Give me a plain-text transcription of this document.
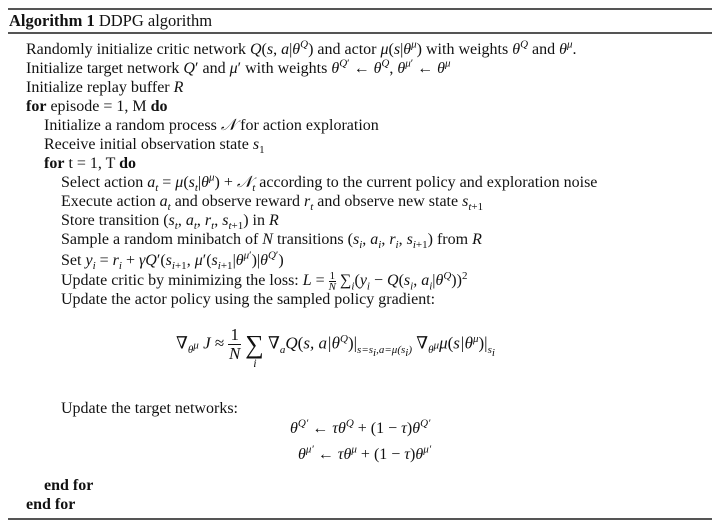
Algorithm 1 DDPG algorithm
Randomly initialize critic network Q(s, $a|\theta^Q$) and actor $\mu(s|\theta^\mu)$ with weights $\theta^Q$ and $\theta^\mu$.
Initialize target network Q′ and μ′ with weights $\theta^{Q'}$ ← $\theta^Q$, $\theta^{\mu'}$ ← $\theta^\mu$
Initialize replay buffer R
for episode = 1, M do
Initialize a random process 𝒩 for action exploration
Receive initial observation state $s_1$
for t = 1, T do
Select action $a_t = \mu(s_t|\theta^\mu)$ + 𝒩$_t$ according to the current policy and exploration noise
Execute action $a_t$ and observe reward $r_t$ and observe new state $s_{t+1}$
Store transition ($s_t$, $a_t$, $r_t$, $s_{t+1}$) in R
Sample a random minibatch of N transitions ($s_i$, $a_i$, $r_i$, $s_{i+1}$) from R
Set $y_i = r_i + \gamma Q'(s_{i+1}$, $\mu'(s_{i+1}|\theta^{\mu'})|\theta^{Q'}$)
Update critic by minimizing the loss: $L = \frac{1}{N} \sum_i(y_i - Q(s_i$, $a_i|\theta^Q))^2$
Update the actor policy using the sampled policy gradient:
$\nabla_{\theta^\mu}$ $J \approx \frac{1}{N}$ ∑
i
$\nabla_aQ(s$, $a|\theta^Q)|_{s=s_i,a=\mu(s_i)}$ $\nabla_{\theta^\mu}\mu(s|\theta^\mu)|_{s_i}$
Update the target networks:
$\theta^{Q'}$ ← $\tau\theta^Q + (1 - \tau)\theta^{Q'}$
$\theta^{\mu'}$ ← $\tau\theta^\mu + (1 - \tau)\theta^{\mu'}$
end for
end for
